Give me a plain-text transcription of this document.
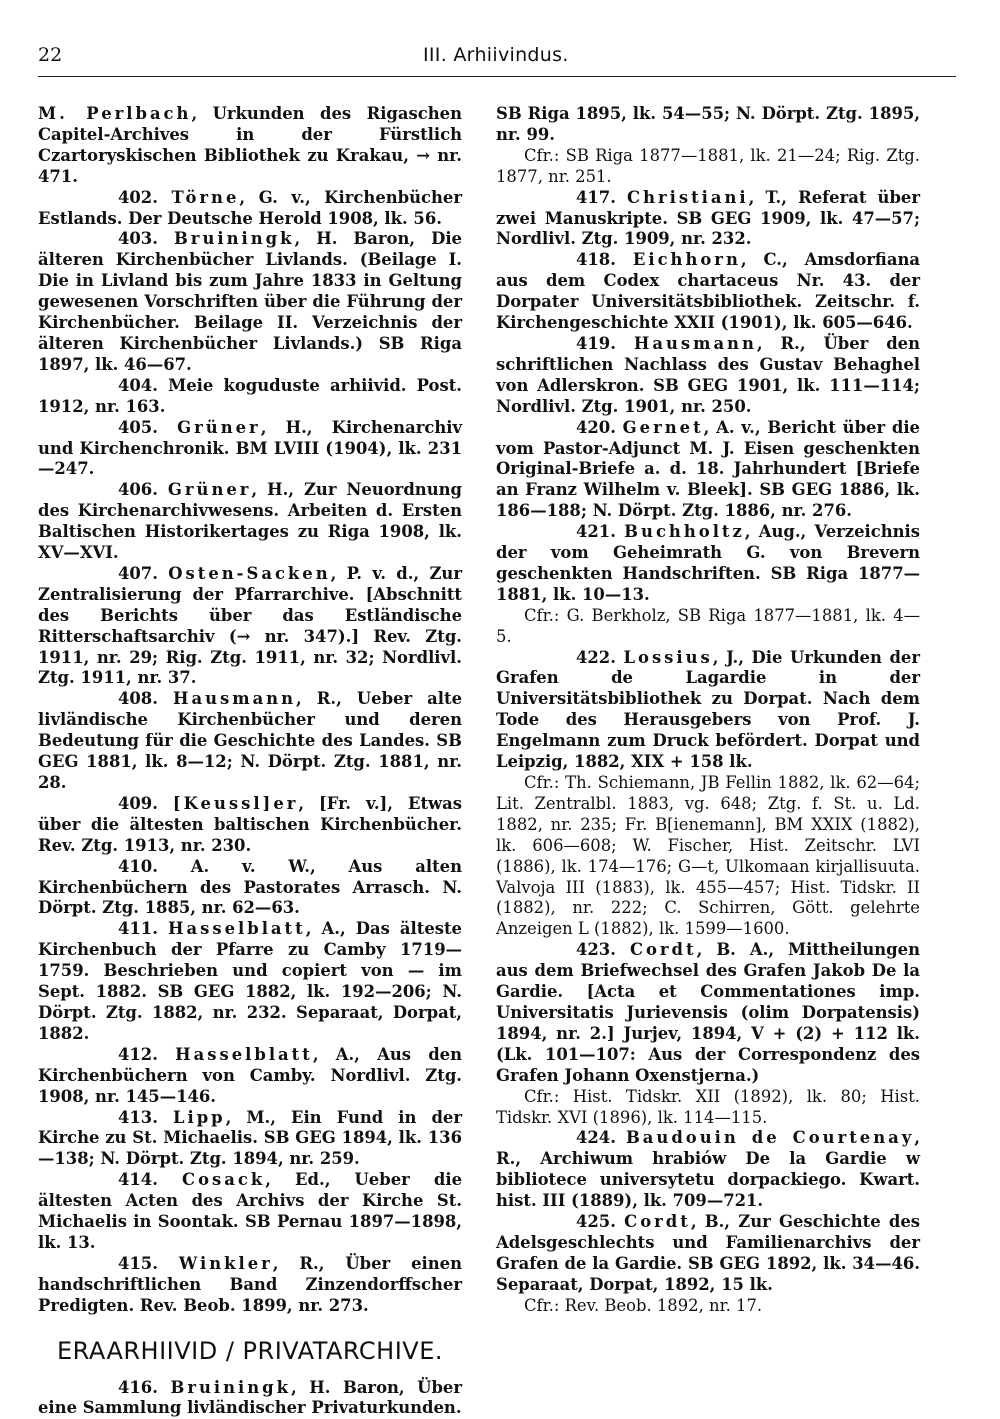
22	III. Arhiivindus.

M. Perlbach, Urkunden des Rigaschen Capitel-Archives in der Fürstlich Czartoryskischen Bibliothek zu Krakau, → nr. 471.

402. Törne, G. v., Kirchenbücher Estlands. Der Deutsche Herold 1908, lk. 56.

403. Bruiningk, H. Baron, Die älteren Kirchenbücher Livlands. (Beilage I. Die in Livland bis zum Jahre 1833 in Geltung gewesenen Vorschriften über die Führung der Kirchenbücher. Beilage II. Verzeichnis der älteren Kirchenbücher Livlands.) SB Riga 1897, lk. 46—67.

404. Meie koguduste arhiivid. Post. 1912, nr. 163.

405. Grüner, H., Kirchenarchiv und Kirchenchronik. BM LVIII (1904), lk. 231—247.

406. Grüner, H., Zur Neuordnung des Kirchenarchivwesens. Arbeiten d. Ersten Baltischen Historikertages zu Riga 1908, lk. XV—XVI.

407. Osten-Sacken, P. v. d., Zur Zentralisierung der Pfarrarchive. [Abschnitt des Berichts über das Estländische Ritterschaftsarchiv (→ nr. 347).] Rev. Ztg. 1911, nr. 29; Rig. Ztg. 1911, nr. 32; Nordlivl. Ztg. 1911, nr. 37.

408. Hausmann, R., Ueber alte livländische Kirchenbücher und deren Bedeutung für die Geschichte des Landes. SB GEG 1881, lk. 8—12; N. Dörpt. Ztg. 1881, nr. 28.

409. [Keussl]er, [Fr. v.], Etwas über die ältesten baltischen Kirchenbücher. Rev. Ztg. 1913, nr. 230.

410. A. v. W., Aus alten Kirchenbüchern des Pastorates Arrasch. N. Dörpt. Ztg. 1885, nr. 62—63.

411. Hasselblatt, A., Das älteste Kirchenbuch der Pfarre zu Camby 1719—1759. Beschrieben und copiert von — im Sept. 1882. SB GEG 1882, lk. 192—206; N. Dörpt. Ztg. 1882, nr. 232. Separaat, Dorpat, 1882.

412. Hasselblatt, A., Aus den Kirchenbüchern von Camby. Nordlivl. Ztg. 1908, nr. 145—146.

413. Lipp, M., Ein Fund in der Kirche zu St. Michaelis. SB GEG 1894, lk. 136—138; N. Dörpt. Ztg. 1894, nr. 259.

414. Cosack, Ed., Ueber die ältesten Acten des Archivs der Kirche St. Michaelis in Soontak. SB Pernau 1897—1898, lk. 13.

415. Winkler, R., Über einen handschriftlichen Band Zinzendorffscher Predigten. Rev. Beob. 1899, nr. 273.

ERAARHIIVID / PRIVATARCHIVE.

416. Bruiningk, H. Baron, Über eine Sammlung livländischer Privaturkunden.

SB Riga 1895, lk. 54—55; N. Dörpt. Ztg. 1895, nr. 99.

Cfr.: SB Riga 1877—1881, lk. 21—24; Rig. Ztg. 1877, nr. 251.

417. Christiani, T., Referat über zwei Manuskripte. SB GEG 1909, lk. 47—57; Nordlivl. Ztg. 1909, nr. 232.

418. Eichhorn, C., Amsdorfiana aus dem Codex chartaceus Nr. 43. der Dorpater Universitätsbibliothek. Zeitschr. f. Kirchengeschichte XXII (1901), lk. 605—646.

419. Hausmann, R., Über den schriftlichen Nachlass des Gustav Behaghel von Adlerskron. SB GEG 1901, lk. 111—114; Nordlivl. Ztg. 1901, nr. 250.

420. Gernet, A. v., Bericht über die vom Pastor-Adjunct M. J. Eisen geschenkten Original-Briefe a. d. 18. Jahrhundert [Briefe an Franz Wilhelm v. Bleek]. SB GEG 1886, lk. 186—188; N. Dörpt. Ztg. 1886, nr. 276.

421. Buchholtz, Aug., Verzeichnis der vom Geheimrath G. von Brevern geschenkten Handschriften. SB Riga 1877—1881, lk. 10—13.

Cfr.: G. Berkholz, SB Riga 1877—1881, lk. 4—5.

422. Lossius, J., Die Urkunden der Grafen de Lagardie in der Universitätsbibliothek zu Dorpat. Nach dem Tode des Herausgebers von Prof. J. Engelmann zum Druck befördert. Dorpat und Leipzig, 1882, XIX + 158 lk.

Cfr.: Th. Schiemann, JB Fellin 1882, lk. 62—64; Lit. Zentralbl. 1883, vg. 648; Ztg. f. St. u. Ld. 1882, nr. 235; Fr. B[ienemann], BM XXIX (1882), lk. 606—608; W. Fischer, Hist. Zeitschr. LVI (1886), lk. 174—176; G—t, Ulkomaan kirjallisuuta. Valvoja III (1883), lk. 455—457; Hist. Tidskr. II (1882), nr. 222; C. Schirren, Gött. gelehrte Anzeigen L (1882), lk. 1599—1600.

423. Cordt, B. A., Mittheilungen aus dem Briefwechsel des Grafen Jakob De la Gardie. [Acta et Commentationes imp. Universitatis Jurievensis (olim Dorpatensis) 1894, nr. 2.] Jurjev, 1894, V + (2) + 112 lk. (Lk. 101—107: Aus der Correspondenz des Grafen Johann Oxenstjerna.)

Cfr.: Hist. Tidskr. XII (1892), lk. 80; Hist. Tidskr. XVI (1896), lk. 114—115.

424. Baudouin de Courtenay, R., Archiwum hrabiów De la Gardie w bibliotece universytetu dorpackiego. Kwart. hist. III (1889), lk. 709—721.

425. Cordt, B., Zur Geschichte des Adelsgeschlechts und Familienarchivs der Grafen de la Gardie. SB GEG 1892, lk. 34—46. Separaat, Dorpat, 1892, 15 lk.

Cfr.: Rev. Beob. 1892, nr. 17.
